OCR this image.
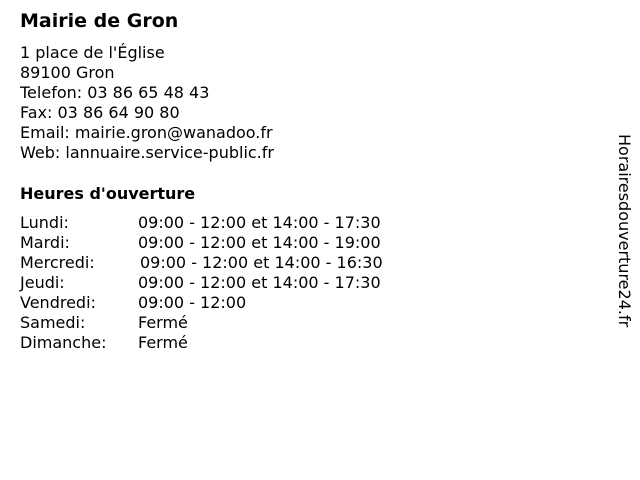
Mairie de Gron
1 place de l'Église
89100 Gron
Telefon: 03 86 65 48 43
Fax: 03 86 64 90 80
Email: mairie.gron@wanadoo.fr
Web: lannuaire.service-public.fr
Heures d'ouverture
Lundi:	09:00 - 12:00 et 14:00 - 17:30
Mardi:	09:00 - 12:00 et 14:00 - 19:00
Mercredi:	09:00 - 12:00 et 14:00 - 16:30
Jeudi:	09:00 - 12:00 et 14:00 - 17:30
Vendredi:	09:00 - 12:00
Samedi:	Fermé
Dimanche: Fermé
Horairesdouverture24.fr
